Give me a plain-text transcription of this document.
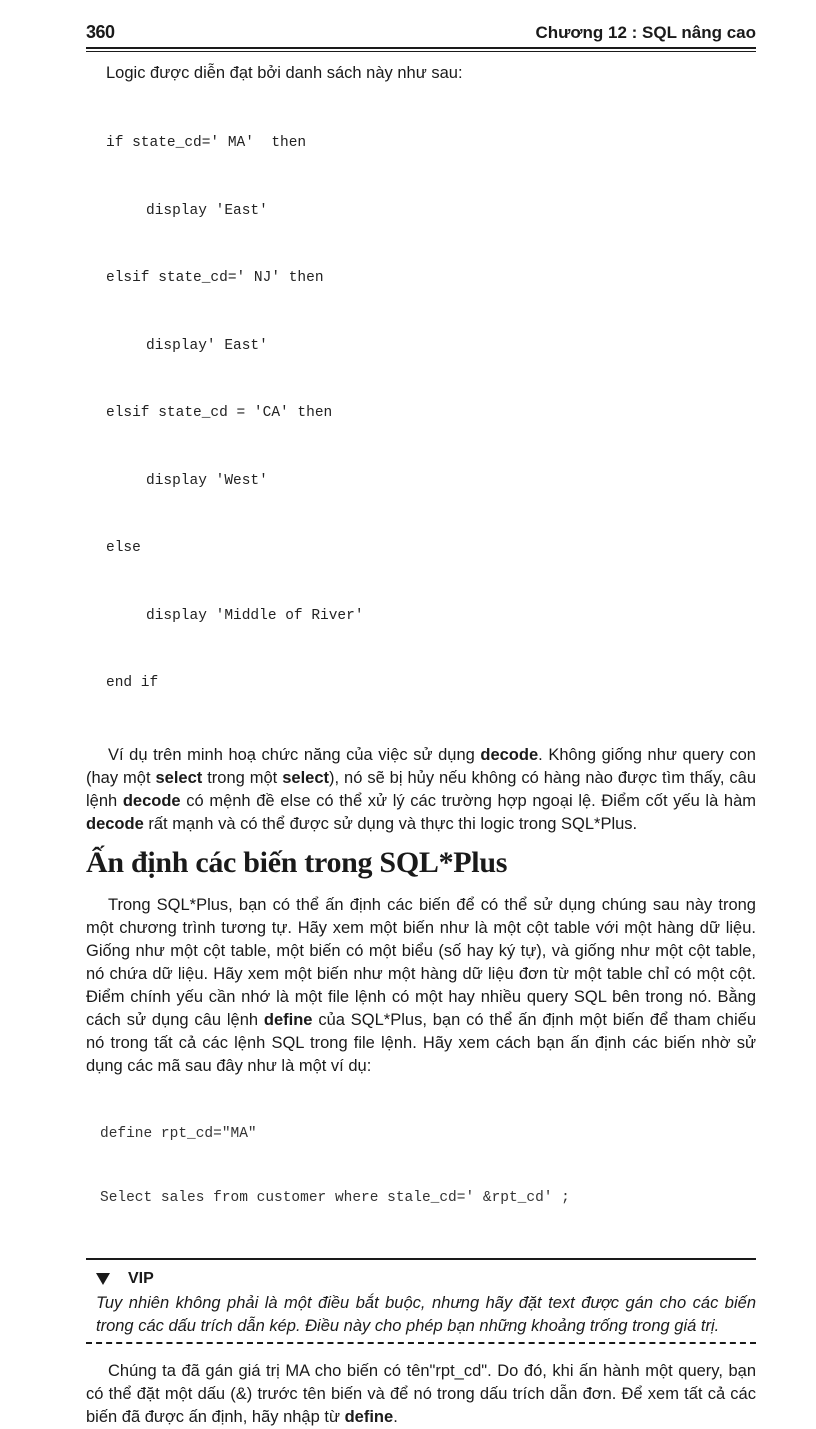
360	Chương 12 : SQL nâng cao
Logic được diễn đạt bởi danh sách này như sau:

if state_cd=' MA'  then

display 'East'

elsif state_cd=' NJ' then

display' East'

elsif state_cd = 'CA' then

display 'West'

else

display 'Middle of River'

end if

Ví dụ trên minh hoạ chức năng của việc sử dụng decode. Không giống như query con (hay một select trong một select), nó sẽ bị hủy nếu không có hàng nào được tìm thấy, câu lệnh decode có mệnh đề else có thể xử lý các trường hợp ngoại lệ. Điểm cốt yếu là hàm decode rất mạnh và có thể được sử dụng và thực thi logic trong SQL*Plus.

Ấn định các biến trong SQL*Plus

Trong SQL*Plus, bạn có thể ấn định các biến để có thể sử dụng chúng sau này trong một chương trình tương tự. Hãy xem một biến như là một cột table với một hàng dữ liệu. Giống như một cột table, một biến có một biểu (số hay ký tự), và giống như một cột table, nó chứa dữ liệu. Hãy xem một biến như một hàng dữ liệu đơn từ một table chỉ có một cột. Điểm chính yếu cần nhớ là một file lệnh có một hay nhiều query SQL bên trong nó. Bằng cách sử dụng câu lệnh define của SQL*Plus, bạn có thể ấn định một biến để tham chiếu nó trong tất cả các lệnh SQL trong file lệnh. Hãy xem cách bạn ấn định các biến nhờ sử dụng các mã sau đây như là một ví dụ:

define rpt_cd="MA"

Select sales from customer where stale_cd=' &rpt_cd' ;

VIP
Tuy nhiên không phải là một điều bắt buộc, nhưng hãy đặt text được gán cho các biến trong các dấu trích dẫn kép. Điều này cho phép bạn những khoảng trống trong giá trị.

Chúng ta đã gán giá trị MA cho biến có tên"rpt_cd". Do đó, khi ấn hành một query, bạn có thể đặt một dấu (&) trước tên biến và để nó trong dấu trích dẫn đơn. Để xem tất cả các biến đã được ấn định, hãy nhập từ define.
